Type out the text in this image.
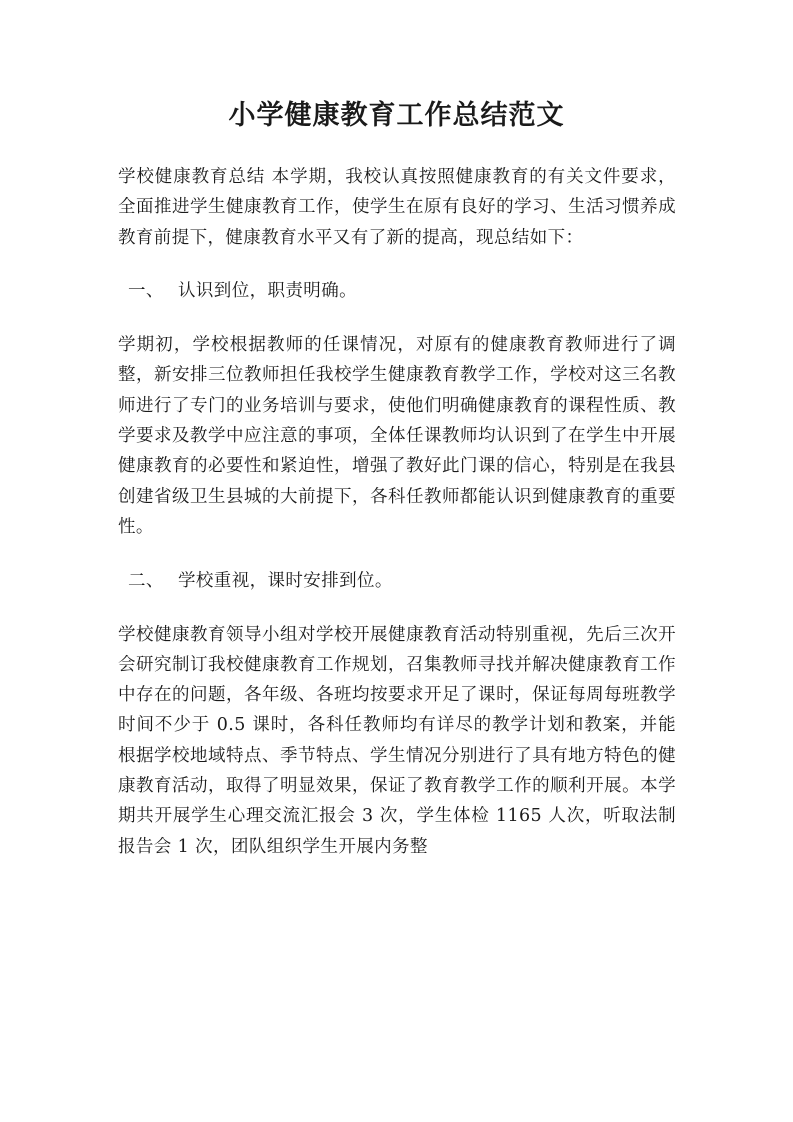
小学健康教育工作总结范文

学校健康教育总结 本学期，我校认真按照健康教育的有关文件要求，全面推进学生健康教育工作，使学生在原有良好的学习、生活习惯养成教育前提下，健康教育水平又有了新的提高，现总结如下：

一、 认识到位，职责明确。

学期初，学校根据教师的任课情况，对原有的健康教育教师进行了调整，新安排三位教师担任我校学生健康教育教学工作，学校对这三名教师进行了专门的业务培训与要求，使他们明确健康教育的课程性质、教学要求及教学中应注意的事项，全体任课教师均认识到了在学生中开展健康教育的必要性和紧迫性，增强了教好此门课的信心，特别是在我县创建省级卫生县城的大前提下，各科任教师都能认识到健康教育的重要性。

二、 学校重视，课时安排到位。

学校健康教育领导小组对学校开展健康教育活动特别重视，先后三次开会研究制订我校健康教育工作规划，召集教师寻找并解决健康教育工作中存在的问题，各年级、各班均按要求开足了课时，保证每周每班教学时间不少于 0.5 课时，各科任教师均有详尽的教学计划和教案，并能根据学校地域特点、季节特点、学生情况分别进行了具有地方特色的健康教育活动，取得了明显效果，保证了教育教学工作的顺利开展。本学期共开展学生心理交流汇报会 3 次，学生体检 1165 人次，听取法制报告会 1 次，团队组织学生开展内务整
